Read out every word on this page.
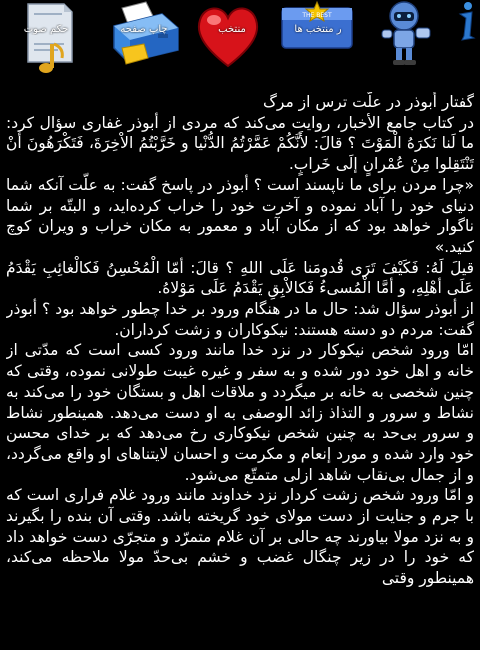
حکم صوت	چاپ صفحه	منتخب
THE BEST
ر منتخب ها

گفتار أبوذر در علّت ترس از مرگ

در کتاب جامع الأخبار، روایت می‌کند که مردی از أبوذر غفاری سؤال کرد: ما لَنا نَکرَهُ الْمَوْتَ ؟ قالَ: لأَنَّکُمْ عَمَّرْتُمُ الدُّنْیا و خَرَّبْتُمُ الاْخِرَةَ، فَتَکْرَهُونَ أنْ تَنْتَقِلوا مِنْ عُمْرانٍ إلَی خَرابٍ.

«چرا مردن برای ما ناپسند است ؟ أبوذر در پاسخ گفت: به علّت آنکه شما دنیای خود را آباد نموده و آخرت خود را خراب کرده‌اید، و البتّه بر شما ناگوار خواهد بود که از مکان آباد و معمور به مکان خراب و ویران کوچ کنید.»

قیلَ لَهُ: فَکَیْفَ تَرَی قُدومَنا عَلَی اللهِ ؟ قالَ: أمّا الْمُحْسِنُ فَکالْغائِبِ یَقْدَمُ عَلَی أهْلِهِ، و أمَّا الْمُسیءُ فَکالاْبِقِ یَقْدَمُ عَلَی مَوْلاهُ.

از أبوذر سؤال شد: حال ما در هنگام ورود بر خدا چطور خواهد بود ؟ أبوذر گفت: مردم دو دسته هستند: نیکوکاران و زشت کرداران.

امّا ورود شخص نیکوکار در نزد خدا مانند ورود کسی است که مدّتی از خانه و اهل خود دور شده و به سفر و غیره غیبت طولانی نموده، وقتی که چنین شخصی به خانه بر میگردد و ملاقات اهل و بستگان خود را می‌کند به نشاط و سرور و التذاذ زائد الوصفی به او دست می‌دهد. همینطور نشاط و سرور بی‌حد به چنین شخص نیکوکاری رخ می‌دهد که بر خدای محسن خود وارد شده و مورد إنعام و مکرمت و احسان لایتناهای او واقع می‌گردد، و از جمال بی‌نقاب شاهد ازلی متمتّع می‌شود.

و امّا ورود شخص زشت کردار نزد خداوند مانند ورود غلام فراری است که با جرم و جنایت از دست مولای خود گریخته باشد. وقتی آن بنده را بگیرند و به نزد مولا بیاورند چه حالی بر آن غلام متمرّد و متجرّی دست خواهد داد که خود را در زیر چنگال غضب و خشم بی‌حدّ مولا ملاحظه می‌کند، همینطور وقتی
